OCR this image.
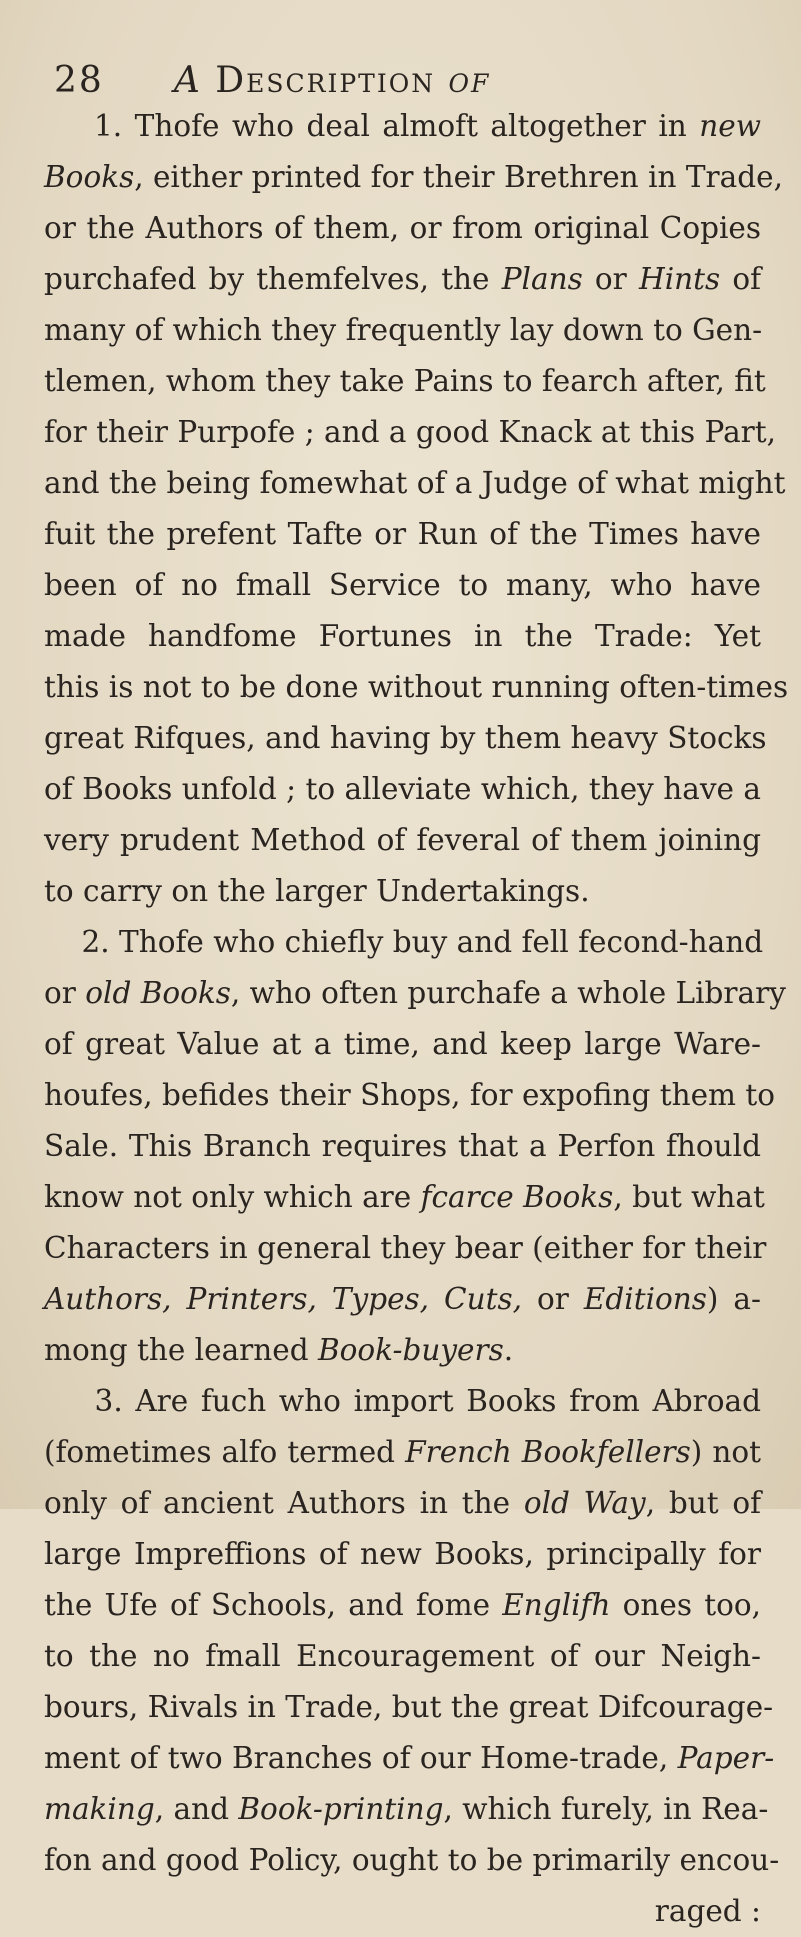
28 A Description of
1. Thofe who deal almoft altogether in new
Books, either printed for their Brethren in Trade,
or the Authors of them, or from original Copies
purchafed by themfelves, the Plans or Hints of
many of which they frequently lay down to Gen-
tlemen, whom they take Pains to fearch after, fit
for their Purpofe ; and a good Knack at this Part,
and the being fomewhat of a Judge of what might
fuit the prefent Tafte or Run of the Times have
been of no fmall Service to many, who have
made handfome Fortunes in the Trade: Yet
this is not to be done without running often-times
great Rifques, and having by them heavy Stocks
of Books unfold ; to alleviate which, they have a
very prudent Method of feveral of them joining
to carry on the larger Undertakings.
2. Thofe who chiefly buy and fell fecond-hand
or old Books, who often purchafe a whole Library
of great Value at a time, and keep large Ware-
houfes, befides their Shops, for expofing them to
Sale. This Branch requires that a Perfon fhould
know not only which are fcarce Books, but what
Characters in general they bear (either for their
Authors, Printers, Types, Cuts, or Editions) a-
mong the learned Book-buyers.
3. Are fuch who import Books from Abroad
(fometimes alfo termed French Bookfellers) not
only of ancient Authors in the old Way, but of
large Impreffions of new Books, principally for
the Ufe of Schools, and fome Englifh ones too,
to the no fmall Encouragement of our Neigh-
bours, Rivals in Trade, but the great Difcourage-
ment of two Branches of our Home-trade, Paper-
making, and Book-printing, which furely, in Rea-
fon and good Policy, ought to be primarily encou-
raged :
